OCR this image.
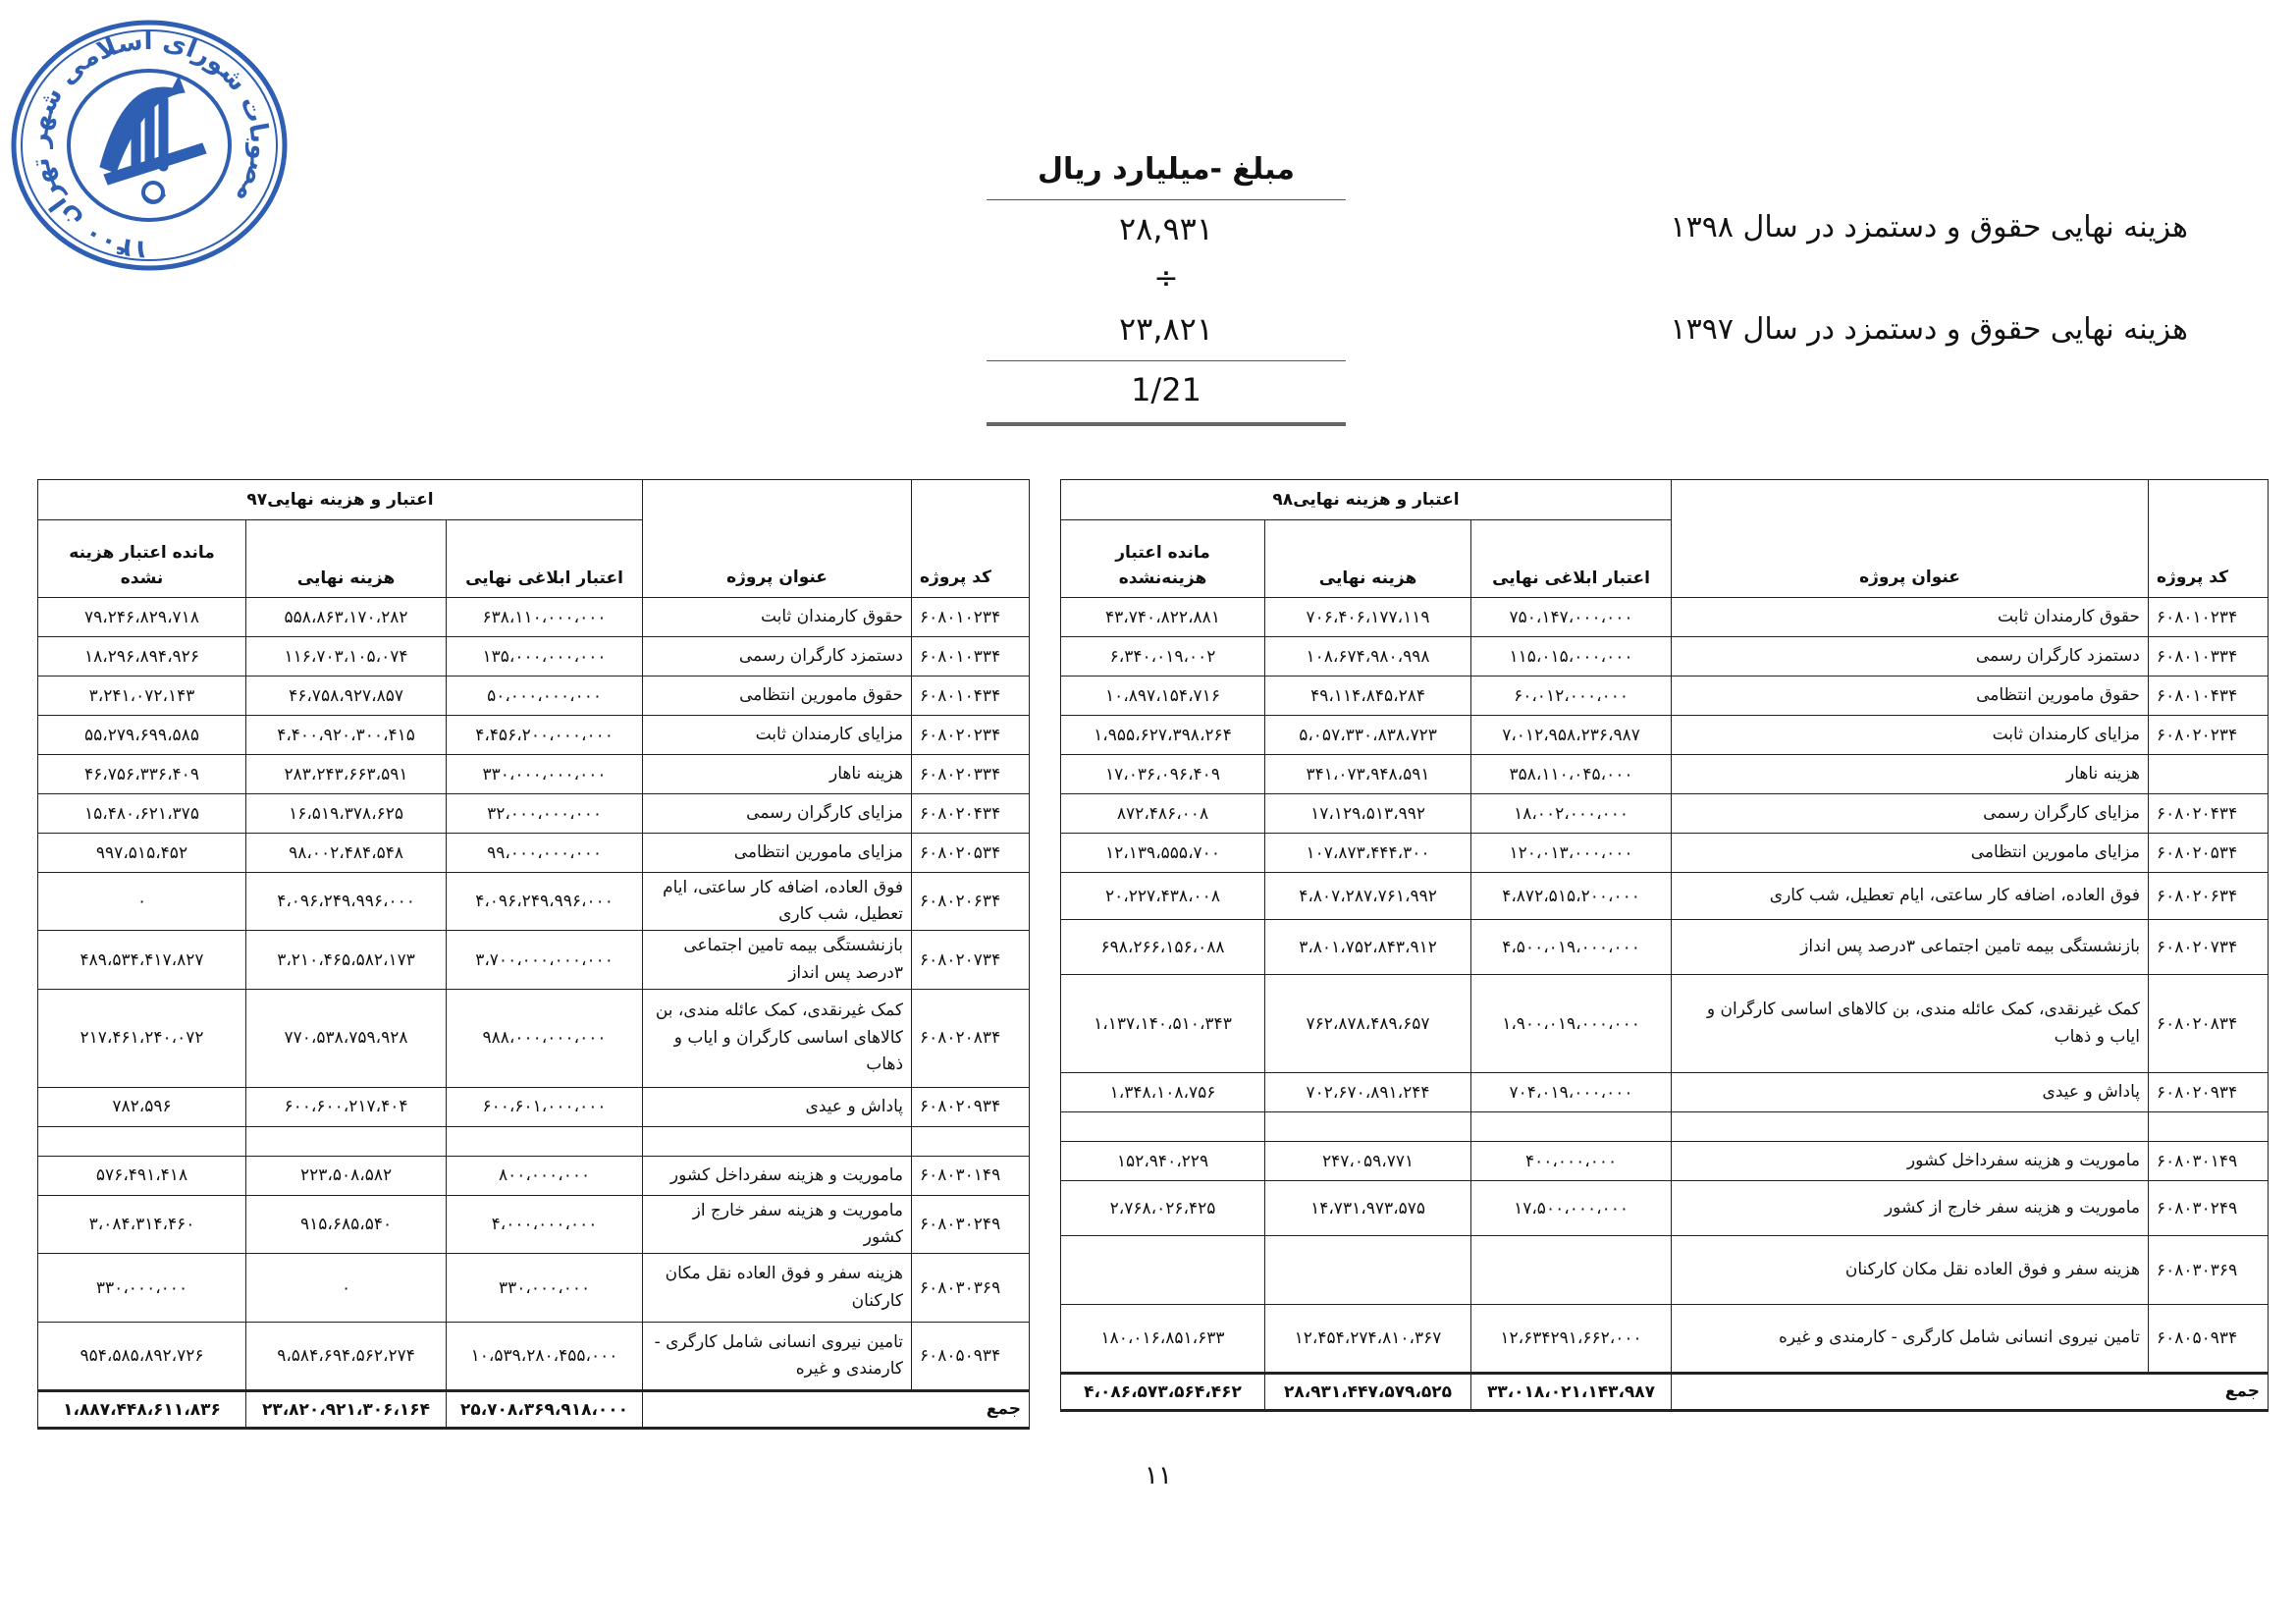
مصوبات شورای اسلامی شهر تهران ۱۴۰۰
مبلغ -میلیارد ریال
۲۸,۹۳۱	هزینه نهایی حقوق و دستمزد در سال ۱۳۹۸
÷
۲۳,۸۲۱	هزینه نهایی حقوق و دستمزد در سال ۱۳۹۷
1/21
کد پروژه	عنوان پروژه	اعتبار و هزینه نهایی۹۸		
		اعتبار ابلاغی نهایی	هزینه نهایی	مانده اعتبار هزینه‌نشده
۶۰۸۰۱۰۲۳۴	حقوق کارمندان ثابت	۷۵۰،۱۴۷،۰۰۰،۰۰۰	۷۰۶،۴۰۶،۱۷۷،۱۱۹	۴۳،۷۴۰،۸۲۲،۸۸۱
۶۰۸۰۱۰۳۳۴	دستمزد کارگران رسمی	۱۱۵،۰۱۵،۰۰۰،۰۰۰	۱۰۸،۶۷۴،۹۸۰،۹۹۸	۶،۳۴۰،۰۱۹،۰۰۲
۶۰۸۰۱۰۴۳۴	حقوق مامورین انتظامی	۶۰،۰۱۲،۰۰۰،۰۰۰	۴۹،۱۱۴،۸۴۵،۲۸۴	۱۰،۸۹۷،۱۵۴،۷۱۶
۶۰۸۰۲۰۲۳۴	مزایای کارمندان ثابت	۷،۰۱۲،۹۵۸،۲۳۶،۹۸۷	۵،۰۵۷،۳۳۰،۸۳۸،۷۲۳	۱،۹۵۵،۶۲۷،۳۹۸،۲۶۴
	هزینه ناهار	۳۵۸،۱۱۰،۰۴۵،۰۰۰	۳۴۱،۰۷۳،۹۴۸،۵۹۱	۱۷،۰۳۶،۰۹۶،۴۰۹
۶۰۸۰۲۰۴۳۴	مزایای کارگران رسمی	۱۸،۰۰۲،۰۰۰،۰۰۰	۱۷،۱۲۹،۵۱۳،۹۹۲	۸۷۲،۴۸۶،۰۰۸
۶۰۸۰۲۰۵۳۴	مزایای مامورین انتظامی	۱۲۰،۰۱۳،۰۰۰،۰۰۰	۱۰۷،۸۷۳،۴۴۴،۳۰۰	۱۲،۱۳۹،۵۵۵،۷۰۰
۶۰۸۰۲۰۶۳۴	فوق العاده، اضافه کار ساعتی، ایام تعطیل، شب کاری	۴،۸۷۲،۵۱۵،۲۰۰،۰۰۰	۴،۸۰۷،۲۸۷،۷۶۱،۹۹۲	۲۰،۲۲۷،۴۳۸،۰۰۸
۶۰۸۰۲۰۷۳۴	بازنشستگی بیمه تامین اجتماعی ۳درصد پس انداز	۴،۵۰۰،۰۱۹،۰۰۰،۰۰۰	۳،۸۰۱،۷۵۲،۸۴۳،۹۱۲	۶۹۸،۲۶۶،۱۵۶،۰۸۸
۶۰۸۰۲۰۸۳۴	کمک غیرنقدی، کمک عائله مندی، بن کالاهای اساسی کارگران و ایاب و ذهاب	۱،۹۰۰،۰۱۹،۰۰۰،۰۰۰	۷۶۲،۸۷۸،۴۸۹،۶۵۷	۱،۱۳۷،۱۴۰،۵۱۰،۳۴۳
۶۰۸۰۲۰۹۳۴	پاداش و عیدی	۷۰۴،۰۱۹،۰۰۰،۰۰۰	۷۰۲،۶۷۰،۸۹۱،۲۴۴	۱،۳۴۸،۱۰۸،۷۵۶

۶۰۸۰۳۰۱۴۹	ماموریت و هزینه سفرداخل کشور	۴۰۰،۰۰۰،۰۰۰	۲۴۷،۰۵۹،۷۷۱	۱۵۲،۹۴۰،۲۲۹
۶۰۸۰۳۰۲۴۹	ماموریت و هزینه سفر خارج از کشور	۱۷،۵۰۰،۰۰۰،۰۰۰	۱۴،۷۳۱،۹۷۳،۵۷۵	۲،۷۶۸،۰۲۶،۴۲۵
۶۰۸۰۳۰۳۶۹	هزینه سفر و فوق العاده نقل مکان کارکنان			
۶۰۸۰۵۰۹۳۴	تامین نیروی انسانی شامل کارگری - کارمندی و غیره	۱۲،۶۳۴۲۹۱،۶۶۲،۰۰۰	۱۲،۴۵۴،۲۷۴،۸۱۰،۳۶۷	۱۸۰،۰۱۶،۸۵۱،۶۳۳
جمع		۳۳،۰۱۸،۰۲۱،۱۴۳،۹۸۷	۲۸،۹۳۱،۴۴۷،۵۷۹،۵۲۵	۴،۰۸۶،۵۷۳،۵۶۴،۴۶۲
کد پروژه	عنوان پروژه	اعتبار و هزینه نهایی۹۷		
		اعتبار ابلاغی نهایی	هزینه نهایی	مانده اعتبار هزینه نشده
۶۰۸۰۱۰۲۳۴	حقوق کارمندان ثابت	۶۳۸،۱۱۰،۰۰۰،۰۰۰	۵۵۸،۸۶۳،۱۷۰،۲۸۲	۷۹،۲۴۶،۸۲۹،۷۱۸
۶۰۸۰۱۰۳۳۴	دستمزد کارگران رسمی	۱۳۵،۰۰۰،۰۰۰،۰۰۰	۱۱۶،۷۰۳،۱۰۵،۰۷۴	۱۸،۲۹۶،۸۹۴،۹۲۶
۶۰۸۰۱۰۴۳۴	حقوق مامورین انتظامی	۵۰،۰۰۰،۰۰۰،۰۰۰	۴۶،۷۵۸،۹۲۷،۸۵۷	۳،۲۴۱،۰۷۲،۱۴۳
۶۰۸۰۲۰۲۳۴	مزایای کارمندان ثابت	۴،۴۵۶،۲۰۰،۰۰۰،۰۰۰	۴،۴۰۰،۹۲۰،۳۰۰،۴۱۵	۵۵،۲۷۹،۶۹۹،۵۸۵
۶۰۸۰۲۰۳۳۴	هزینه ناهار	۳۳۰،۰۰۰،۰۰۰،۰۰۰	۲۸۳،۲۴۳،۶۶۳،۵۹۱	۴۶،۷۵۶،۳۳۶،۴۰۹
۶۰۸۰۲۰۴۳۴	مزایای کارگران رسمی	۳۲،۰۰۰،۰۰۰،۰۰۰	۱۶،۵۱۹،۳۷۸،۶۲۵	۱۵،۴۸۰،۶۲۱،۳۷۵
۶۰۸۰۲۰۵۳۴	مزایای مامورین انتظامی	۹۹،۰۰۰،۰۰۰،۰۰۰	۹۸،۰۰۲،۴۸۴،۵۴۸	۹۹۷،۵۱۵،۴۵۲
۶۰۸۰۲۰۶۳۴	فوق العاده، اضافه کار ساعتی، ایام تعطیل، شب کاری	۴،۰۹۶،۲۴۹،۹۹۶،۰۰۰	۴،۰۹۶،۲۴۹،۹۹۶،۰۰۰	۰
۶۰۸۰۲۰۷۳۴	بازنشستگی بیمه تامین اجتماعی ۳درصد پس انداز	۳،۷۰۰،۰۰۰،۰۰۰،۰۰۰	۳،۲۱۰،۴۶۵،۵۸۲،۱۷۳	۴۸۹،۵۳۴،۴۱۷،۸۲۷
۶۰۸۰۲۰۸۳۴	کمک غیرنقدی، کمک عائله مندی، بن کالاهای اساسی کارگران و ایاب و ذهاب	۹۸۸،۰۰۰،۰۰۰،۰۰۰	۷۷۰،۵۳۸،۷۵۹،۹۲۸	۲۱۷،۴۶۱،۲۴۰،۰۷۲
۶۰۸۰۲۰۹۳۴	پاداش و عیدی	۶۰۰،۶۰۱،۰۰۰،۰۰۰	۶۰۰،۶۰۰،۲۱۷،۴۰۴	۷۸۲،۵۹۶

۶۰۸۰۳۰۱۴۹	ماموریت و هزینه سفرداخل کشور	۸۰۰،۰۰۰،۰۰۰	۲۲۳،۵۰۸،۵۸۲	۵۷۶،۴۹۱،۴۱۸
۶۰۸۰۳۰۲۴۹	ماموریت و هزینه سفر خارج از کشور	۴،۰۰۰،۰۰۰،۰۰۰	۹۱۵،۶۸۵،۵۴۰	۳،۰۸۴،۳۱۴،۴۶۰
۶۰۸۰۳۰۳۶۹	هزینه سفر و فوق العاده نقل مکان کارکنان	۳۳۰،۰۰۰،۰۰۰	۰	۳۳۰،۰۰۰،۰۰۰
۶۰۸۰۵۰۹۳۴	تامین نیروی انسانی شامل کارگری - کارمندی و غیره	۱۰،۵۳۹،۲۸۰،۴۵۵،۰۰۰	۹،۵۸۴،۶۹۴،۵۶۲،۲۷۴	۹۵۴،۵۸۵،۸۹۲،۷۲۶
جمع		۲۵،۷۰۸،۳۶۹،۹۱۸،۰۰۰	۲۳،۸۲۰،۹۲۱،۳۰۶،۱۶۴	۱،۸۸۷،۴۴۸،۶۱۱،۸۳۶
۱۱
